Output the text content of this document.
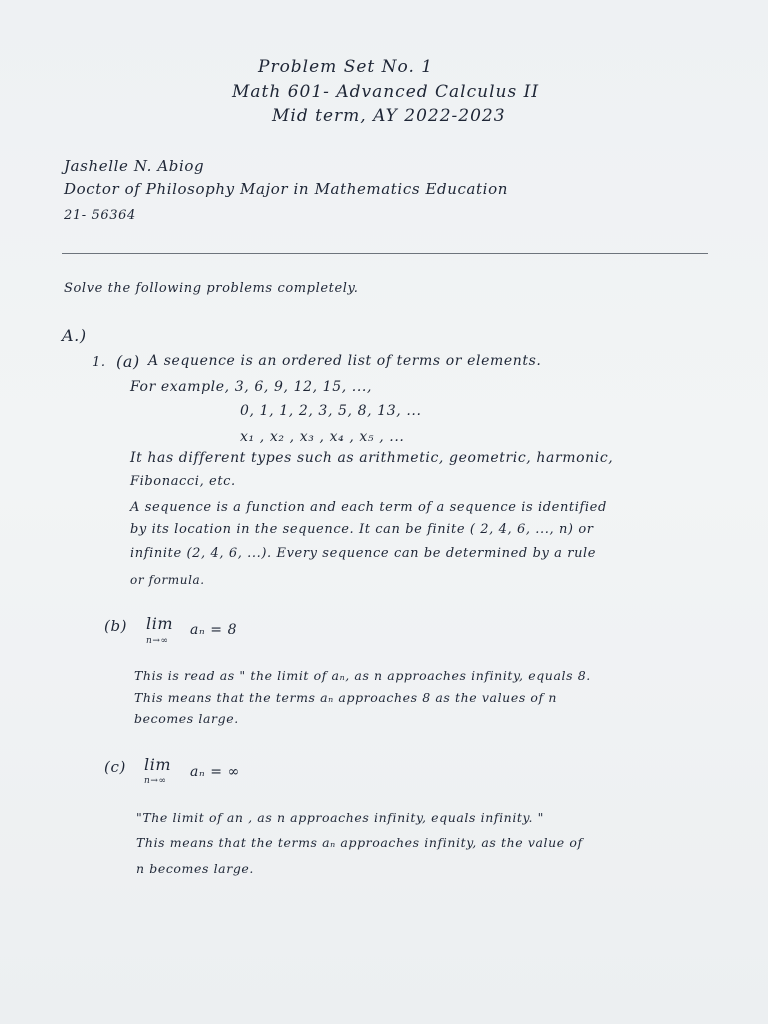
Problem Set No. 1
Math 601- Advanced Calculus II
Mid term, AY 2022-2023
Jashelle N. Abiog
Doctor of Philosophy Major in Mathematics Education
21- 56364
Solve the following problems completely.
A.)
1. (a) A sequence is an ordered list of terms or elements.
For example, 3, 6, 9, 12, 15, ...,
0, 1, 1, 2, 3, 5, 8, 13, ...
x₁ , x₂ , x₃ , x₄ , x₅ , ...
It has different types such as arithmetic, geometric, harmonic,
Fibonacci, etc.
A sequence is a function and each term of a sequence is identified
by its location in the sequence. It can be finite ( 2, 4, 6, ..., n) or
infinite (2, 4, 6, ...). Every sequence can be determined by a rule
or formula.
(b) lim
n→∞
aₙ = 8
This is read as " the limit of aₙ, as n approaches infinity, equals 8.
This means that the terms aₙ approaches 8 as the values of n
becomes large.
(c) lim
n→∞
aₙ = ∞
"The limit of an , as n approaches infinity, equals infinity. "
This means that the terms aₙ approaches infinity, as the value of
n becomes large.
